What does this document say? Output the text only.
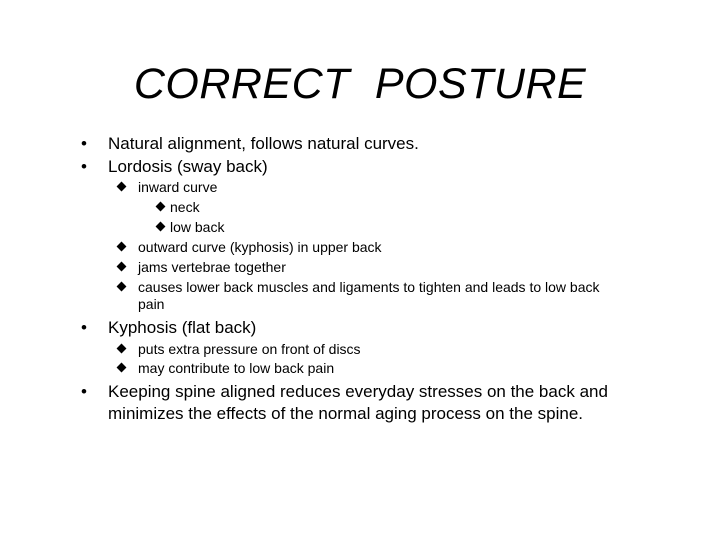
CORRECT  POSTURE
• Natural alignment, follows natural curves.
• Lordosis (sway back)
inward curve
neck
low back
outward curve (kyphosis) in upper back
jams vertebrae together
causes lower back muscles and ligaments to tighten and leads to low back pain
• Kyphosis (flat back)
puts extra pressure on front of discs
may contribute to low back pain
• Keeping spine aligned reduces everyday stresses on the back and minimizes the effects of the normal aging process on the spine.
